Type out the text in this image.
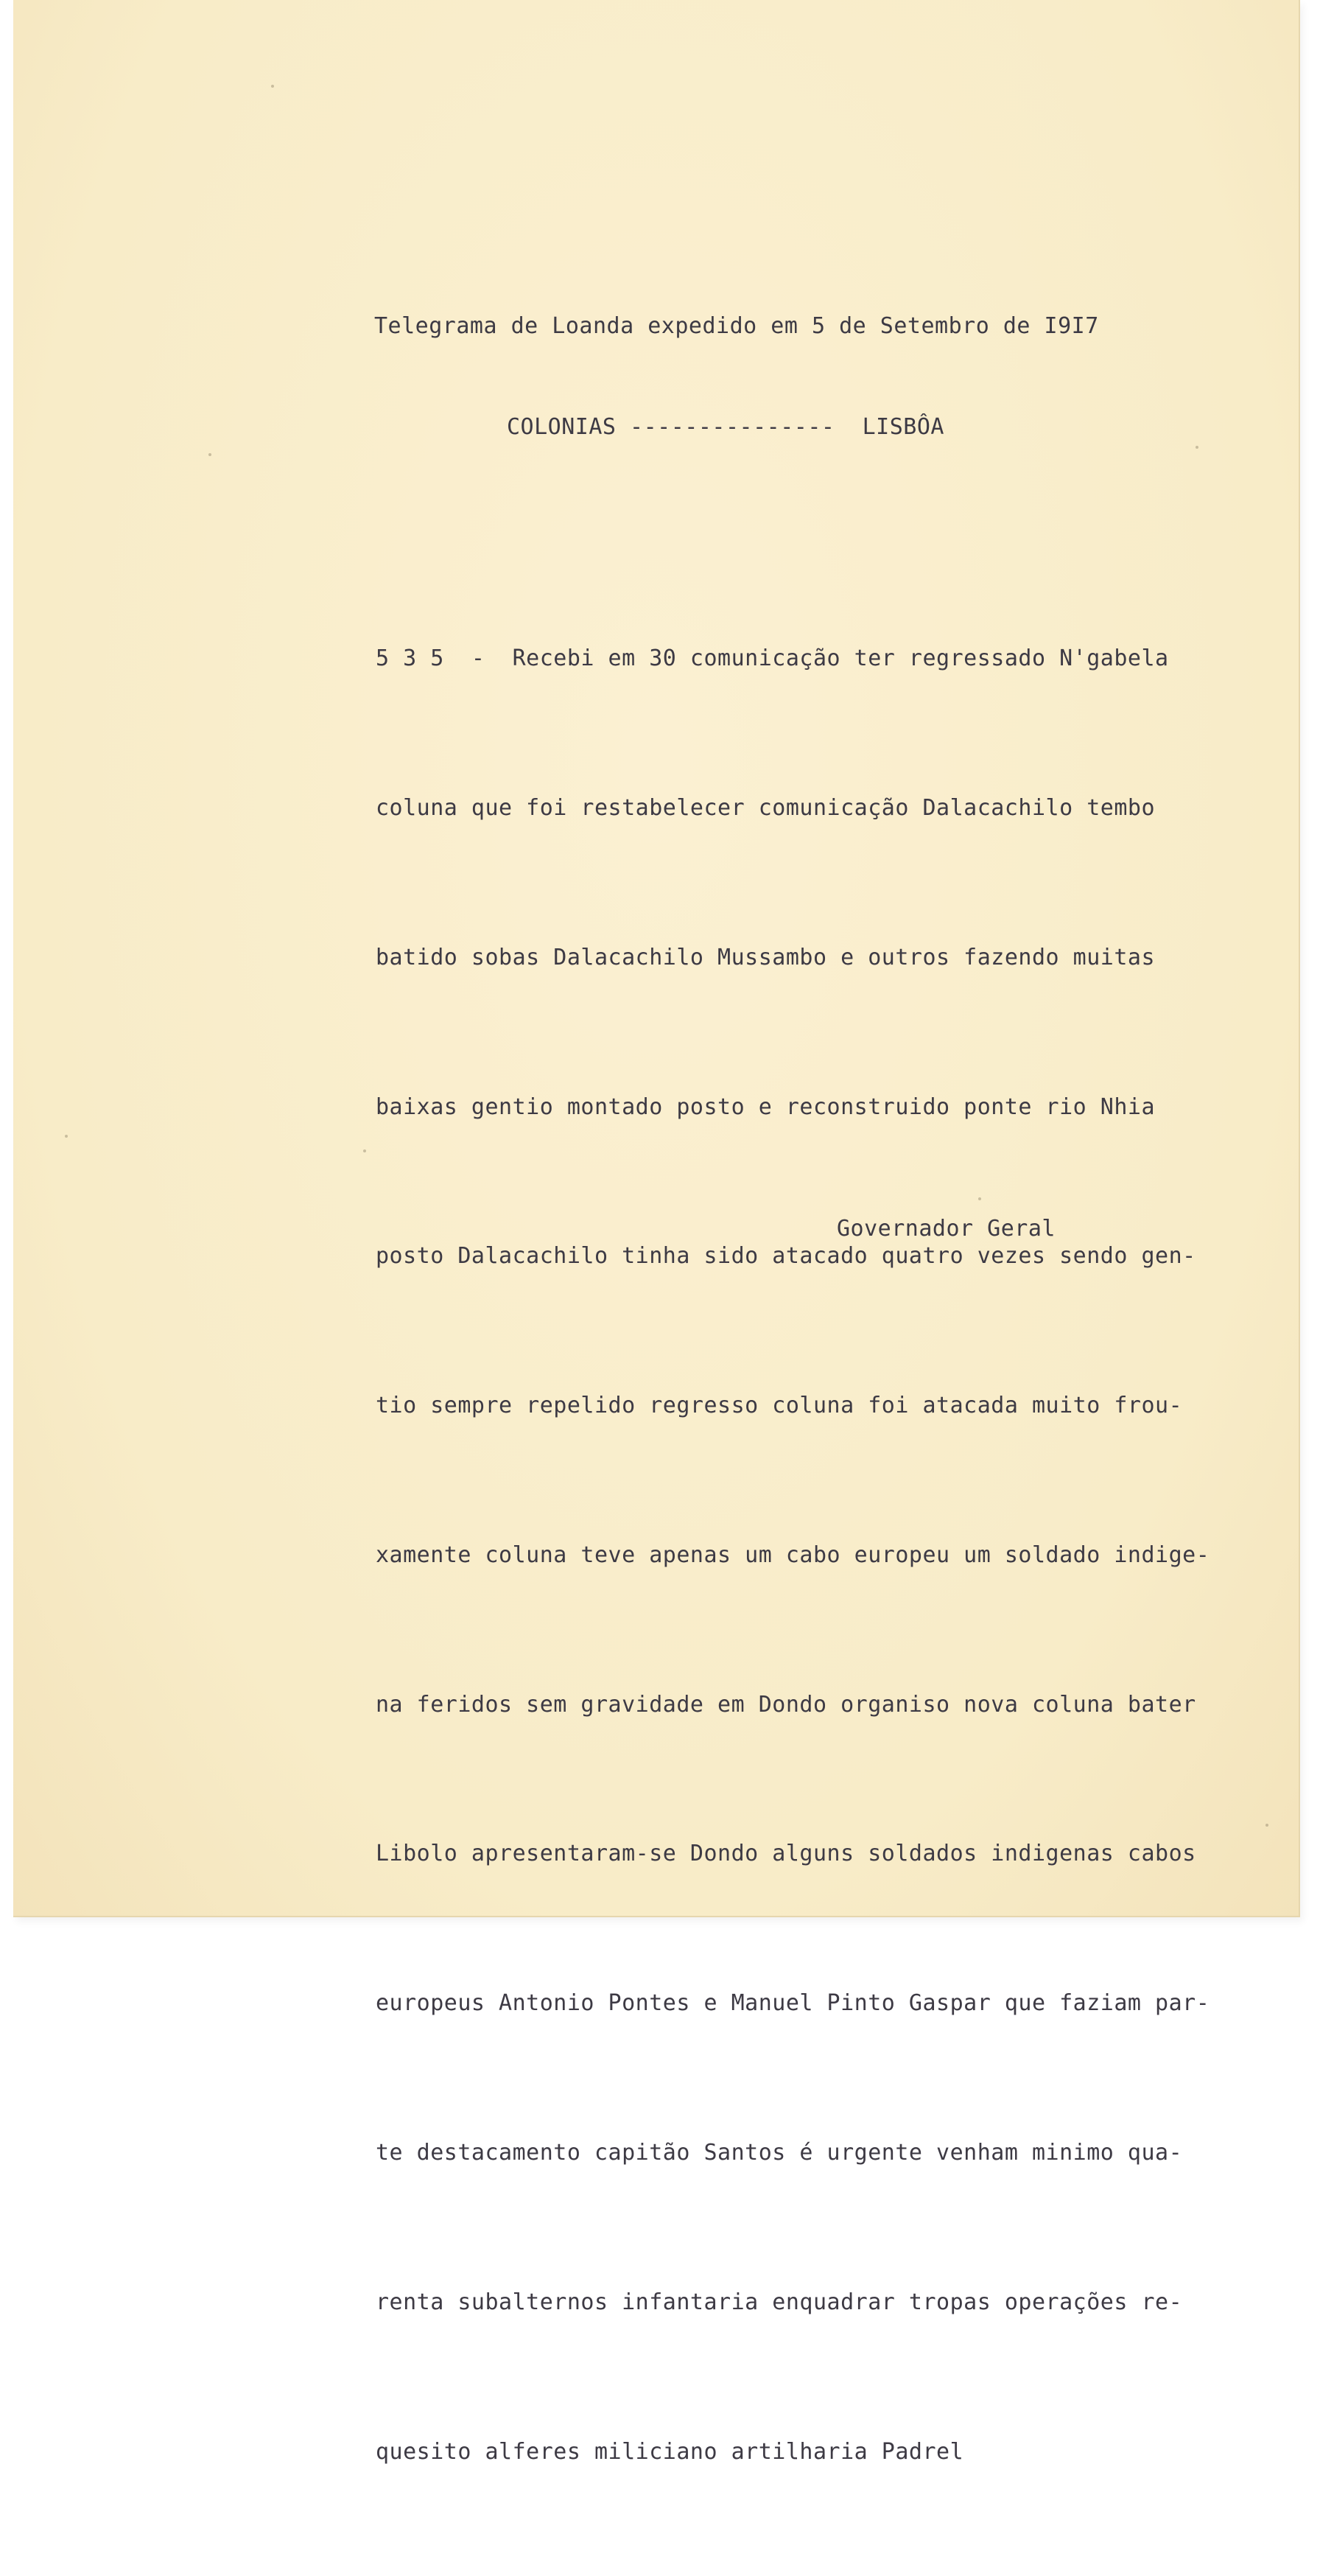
Telegrama de Loanda expedido em 5 de Setembro de I9I7
COLONIAS ---------------  LISBÔA

5 3 5  -  Recebi em 30 comunicação ter regressado N'gabela

coluna que foi restabelecer comunicação Dalacachilo tembo

batido sobas Dalacachilo Mussambo e outros fazendo muitas

baixas gentio montado posto e reconstruido ponte rio Nhia

posto Dalacachilo tinha sido atacado quatro vezes sendo gen-

tio sempre repelido regresso coluna foi atacada muito frou-

xamente coluna teve apenas um cabo europeu um soldado indige-

na feridos sem gravidade em Dondo organiso nova coluna bater

Libolo apresentaram-se Dondo alguns soldados indigenas cabos

europeus Antonio Pontes e Manuel Pinto Gaspar que faziam par-

te destacamento capitão Santos é urgente venham minimo qua-

renta subalternos infantaria enquadrar tropas operações re-

quesito alferes miliciano artilharia Padrel

Governador Geral
